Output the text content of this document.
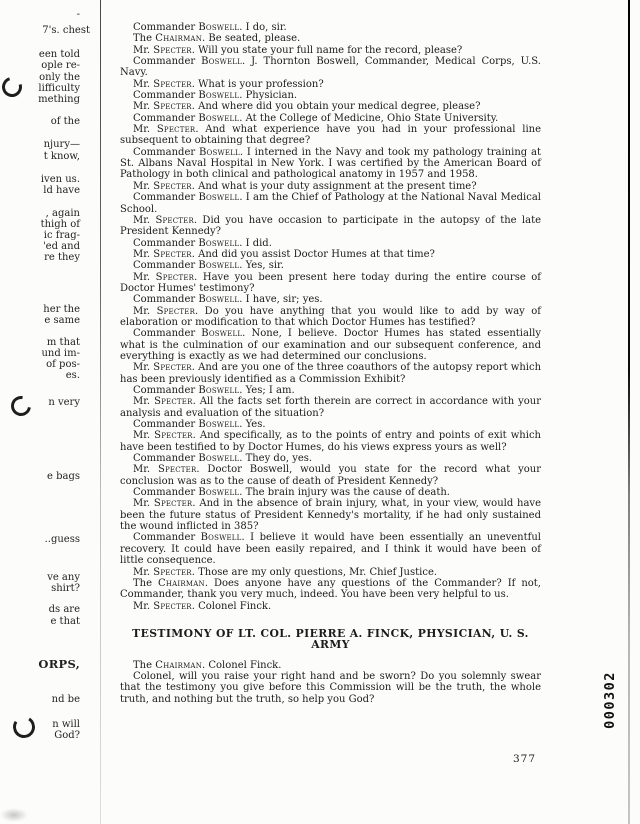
-
7's. chest
een told
ople re-
only the
lifficulty
mething
of the
njury—
t know,
iven us.
ld have
, again
thigh of
ic frag-
'ed and
re they
her the
e same
m that
und im-
of pos-
es.
n very
e bags
..guess
ve any
shirt?
ds are
e that
ORPS,
nd be
n will
God?

Commander Boswell. I do, sir.

The Chairman. Be seated, please.

Mr. Specter. Will you state your full name for the record, please?

Commander Boswell. J. Thornton Boswell, Commander, Medical Corps, U.S. Navy.

Mr. Specter. What is your profession?

Commander Boswell. Physician.

Mr. Specter. And where did you obtain your medical degree, please?

Commander Boswell. At the College of Medicine, Ohio State University.

Mr. Specter. And what experience have you had in your professional line subsequent to obtaining that degree?

Commander Boswell. I interned in the Navy and took my pathology training at St. Albans Naval Hospital in New York. I was certified by the American Board of Pathology in both clinical and pathological anatomy in 1957 and 1958.

Mr. Specter. And what is your duty assignment at the present time?

Commander Boswell. I am the Chief of Pathology at the National Naval Medical School.

Mr. Specter. Did you have occasion to participate in the autopsy of the late President Kennedy?

Commander Boswell. I did.

Mr. Specter. And did you assist Doctor Humes at that time?

Commander Boswell. Yes, sir.

Mr. Specter. Have you been present here today during the entire course of Doctor Humes' testimony?

Commander Boswell. I have, sir; yes.

Mr. Specter. Do you have anything that you would like to add by way of elaboration or modification to that which Doctor Humes has testified?

Commander Boswell. None, I believe. Doctor Humes has stated essentially what is the culmination of our examination and our subsequent conference, and everything is exactly as we had determined our conclusions.

Mr. Specter. And are you one of the three coauthors of the autopsy report which has been previously identified as a Commission Exhibit?

Commander Boswell. Yes; I am.

Mr. Specter. All the facts set forth therein are correct in accordance with your analysis and evaluation of the situation?

Commander Boswell. Yes.

Mr. Specter. And specifically, as to the points of entry and points of exit which have been testified to by Doctor Humes, do his views express yours as well?

Commander Boswell. They do, yes.

Mr. Specter. Doctor Boswell, would you state for the record what your conclusion was as to the cause of death of President Kennedy?

Commander Boswell. The brain injury was the cause of death.

Mr. Specter. And in the absence of brain injury, what, in your view, would have been the future status of President Kennedy's mortality, if he had only sustained the wound inflicted in 385?

Commander Boswell. I believe it would have been essentially an uneventful recovery. It could have been easily repaired, and I think it would have been of little consequence.

Mr. Specter. Those are my only questions, Mr. Chief Justice.

The Chairman. Does anyone have any questions of the Commander? If not, Commander, thank you very much, indeed. You have been very helpful to us.

Mr. Specter. Colonel Finck.

TESTIMONY OF LT. COL. PIERRE A. FINCK, PHYSICIAN, U. S. ARMY

The Chairman. Colonel Finck.

Colonel, will you raise your right hand and be sworn? Do you solemnly swear that the testimony you give before this Commission will be the truth, the whole truth, and nothing but the truth, so help you God?

377
000302
